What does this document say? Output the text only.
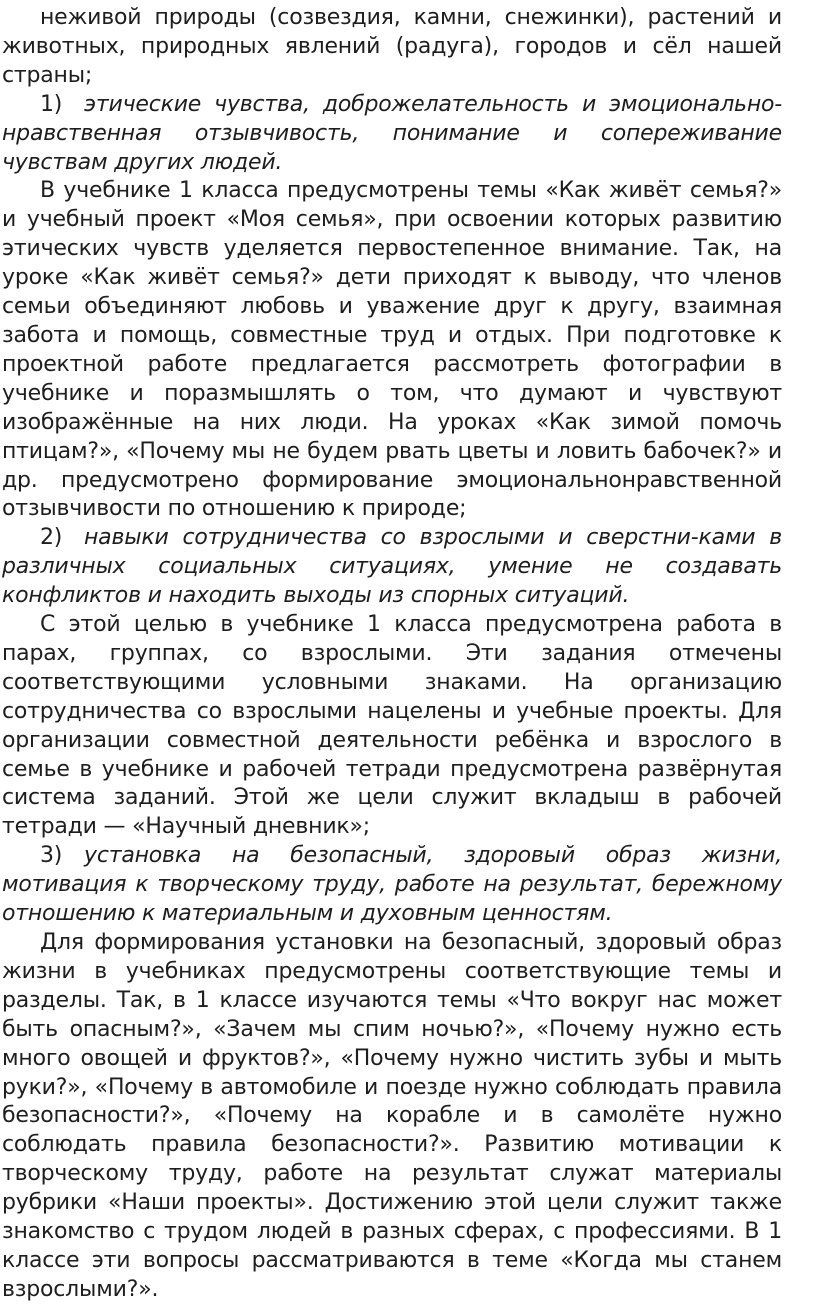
неживой природы (созвездия, камни, снежинки), растений и животных, природных явлений (радуга), городов и сёл нашей страны;

1) этические чувства, доброжелательность и эмоционально-нравственная отзывчивость, понимание и сопереживание чувствам других людей.

В учебнике 1 класса предусмотрены темы «Как живёт семья?» и учебный проект «Моя семья», при освоении которых развитию этических чувств уделяется первостепенное внимание. Так, на уроке «Как живёт семья?» дети приходят к выводу, что членов семьи объединяют любовь и уважение друг к другу, взаимная забота и помощь, совместные труд и отдых. При подготовке к проектной работе предлагается рассмотреть фотографии в учебнике и поразмышлять о том, что думают и чувствуют изображённые на них люди. На уроках «Как зимой помочь птицам?», «Почему мы не будем рвать цветы и ловить бабочек?» и др. предусмотрено формирование эмоциональнонравственной отзывчивости по отношению к природе;

2) навыки сотрудничества со взрослыми и сверстни-ками в различных социальных ситуациях, умение не создавать конфликтов и находить выходы из спорных ситуаций.

С этой целью в учебнике 1 класса предусмотрена работа в парах, группах, со взрослыми. Эти задания отмечены соответствующими условными знаками. На организацию сотрудничества со взрослыми нацелены и учебные проекты. Для организации совместной деятельности ребёнка и взрослого в семье в учебнике и рабочей тетради предусмотрена развёрнутая система заданий. Этой же цели служит вкладыш в рабочей тетради — «Научный дневник»;

3) установка на безопасный, здоровый образ жизни, мотивация к творческому труду, работе на результат, бережному отношению к материальным и духовным ценностям.

Для формирования установки на безопасный, здоровый образ жизни в учебниках предусмотрены соответствующие темы и разделы. Так, в 1 классе изучаются темы «Что вокруг нас может быть опасным?», «Зачем мы спим ночью?», «Почему нужно есть много овощей и фруктов?», «Почему нужно чистить зубы и мыть руки?», «Почему в автомобиле и поезде нужно соблюдать правила безопасности?», «Почему на корабле и в самолёте нужно соблюдать правила безопасности?». Развитию мотивации к творческому труду, работе на результат служат материалы рубрики «Наши проекты». Достижению этой цели служит также знакомство с трудом людей в разных сферах, с профессиями. В 1 классе эти вопросы рассматриваются в теме «Когда мы станем взрослыми?».
